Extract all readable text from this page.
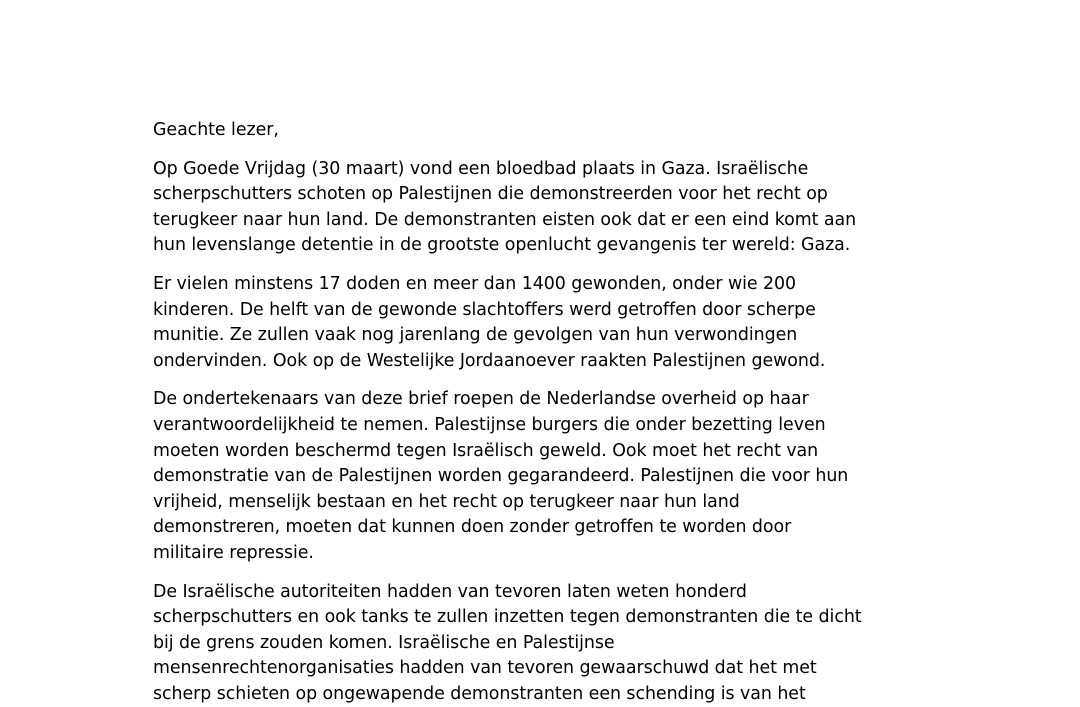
Geachte lezer,

Op Goede Vrijdag (30 maart) vond een bloedbad plaats in Gaza. Israëlische
scherpschutters schoten op Palestijnen die demonstreerden voor het recht op
terugkeer naar hun land. De demonstranten eisten ook dat er een eind komt aan
hun levenslange detentie in de grootste openlucht gevangenis ter wereld: Gaza.

Er vielen minstens 17 doden en meer dan 1400 gewonden, onder wie 200
kinderen. De helft van de gewonde slachtoffers werd getroffen door scherpe
munitie. Ze zullen vaak nog jarenlang de gevolgen van hun verwondingen
ondervinden. Ook op de Westelijke Jordaanoever raakten Palestijnen gewond.

De ondertekenaars van deze brief roepen de Nederlandse overheid op haar
verantwoordelijkheid te nemen. Palestijnse burgers die onder bezetting leven
moeten worden beschermd tegen Israëlisch geweld. Ook moet het recht van
demonstratie van de Palestijnen worden gegarandeerd. Palestijnen die voor hun
vrijheid, menselijk bestaan en het recht op terugkeer naar hun land
demonstreren, moeten dat kunnen doen zonder getroffen te worden door
militaire repressie.

De Israëlische autoriteiten hadden van tevoren laten weten honderd
scherpschutters en ook tanks te zullen inzetten tegen demonstranten die te dicht
bij de grens zouden komen. Israëlische en Palestijnse
mensenrechtenorganisaties hadden van tevoren gewaarschuwd dat het met
scherp schieten op ongewapende demonstranten een schending is van het
